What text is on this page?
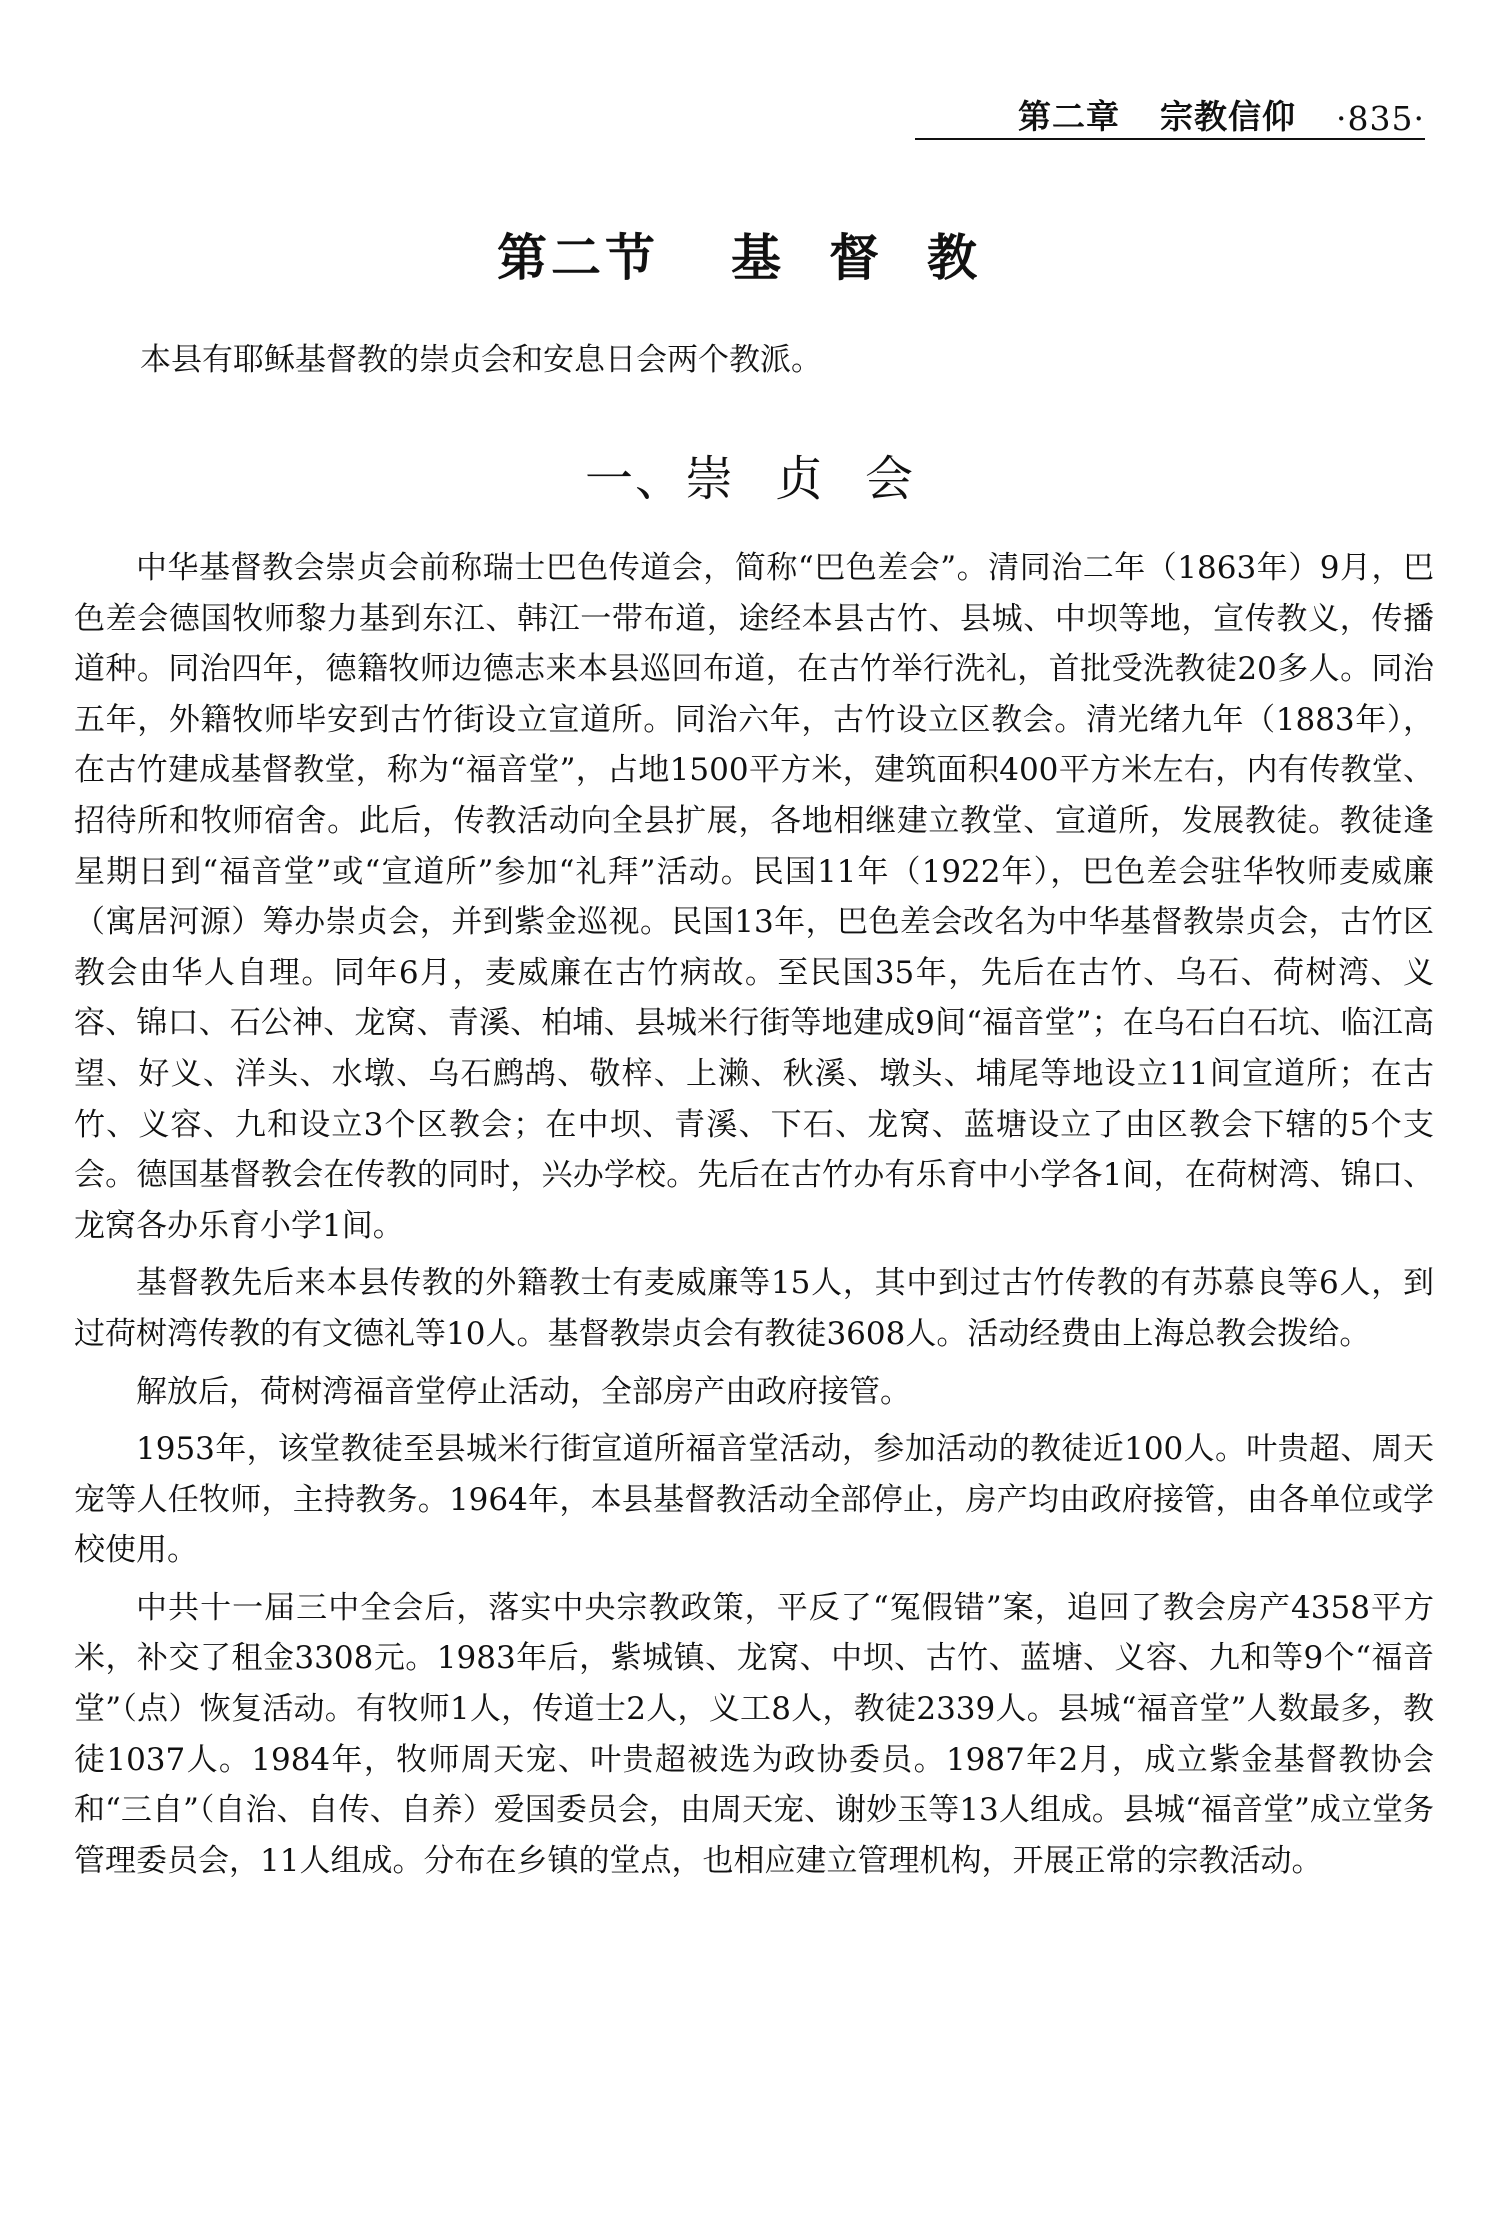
第二章 宗教信仰 ·835·
第二节 基 督 教
本县有耶稣基督教的崇贞会和安息日会两个教派。
一、崇 贞 会

中华基督教会崇贞会前称瑞士巴色传道会，简称“巴色差会”。清同治二年（1863年）9月，巴色差会德国牧师黎力基到东江、韩江一带布道，途经本县古竹、县城、中坝等地，宣传教义，传播道种。同治四年，德籍牧师边德志来本县巡回布道，在古竹举行洗礼，首批受洗教徒20多人。同治五年，外籍牧师毕安到古竹街设立宣道所。同治六年，古竹设立区教会。清光绪九年（1883年），在古竹建成基督教堂，称为“福音堂”，占地1500平方米，建筑面积400平方米左右，内有传教堂、招待所和牧师宿舍。此后，传教活动向全县扩展，各地相继建立教堂、宣道所，发展教徒。教徒逢星期日到“福音堂”或“宣道所”参加“礼拜”活动。民国11年（1922年），巴色差会驻华牧师麦威廉（寓居河源）筹办崇贞会，并到紫金巡视。民国13年，巴色差会改名为中华基督教崇贞会，古竹区教会由华人自理。同年6月，麦威廉在古竹病故。至民国35年，先后在古竹、乌石、荷树湾、义容、锦口、石公神、龙窝、青溪、柏埔、县城米行街等地建成9间“福音堂”；在乌石白石坑、临江高望、好义、洋头、水墩、乌石鹧鸪、敬梓、上濑、秋溪、墩头、埔尾等地设立11间宣道所；在古竹、义容、九和设立3个区教会；在中坝、青溪、下石、龙窝、蓝塘设立了由区教会下辖的5个支会。德国基督教会在传教的同时，兴办学校。先后在古竹办有乐育中小学各1间，在荷树湾、锦口、龙窝各办乐育小学1间。

基督教先后来本县传教的外籍教士有麦威廉等15人，其中到过古竹传教的有苏慕良等6人，到过荷树湾传教的有文德礼等10人。基督教崇贞会有教徒3608人。活动经费由上海总教会拨给。

解放后，荷树湾福音堂停止活动，全部房产由政府接管。

1953年，该堂教徒至县城米行街宣道所福音堂活动，参加活动的教徒近100人。叶贵超、周天宠等人任牧师，主持教务。1964年，本县基督教活动全部停止，房产均由政府接管，由各单位或学校使用。

中共十一届三中全会后，落实中央宗教政策，平反了“冤假错”案，追回了教会房产4358平方米，补交了租金3308元。1983年后，紫城镇、龙窝、中坝、古竹、蓝塘、义容、九和等9个“福音堂”（点）恢复活动。有牧师1人，传道士2人，义工8人，教徒2339人。县城“福音堂”人数最多，教徒1037人。1984年，牧师周天宠、叶贵超被选为政协委员。1987年2月，成立紫金基督教协会和“三自”（自治、自传、自养）爱国委员会，由周天宠、谢妙玉等13人组成。县城“福音堂”成立堂务管理委员会，11人组成。分布在乡镇的堂点，也相应建立管理机构，开展正常的宗教活动。
